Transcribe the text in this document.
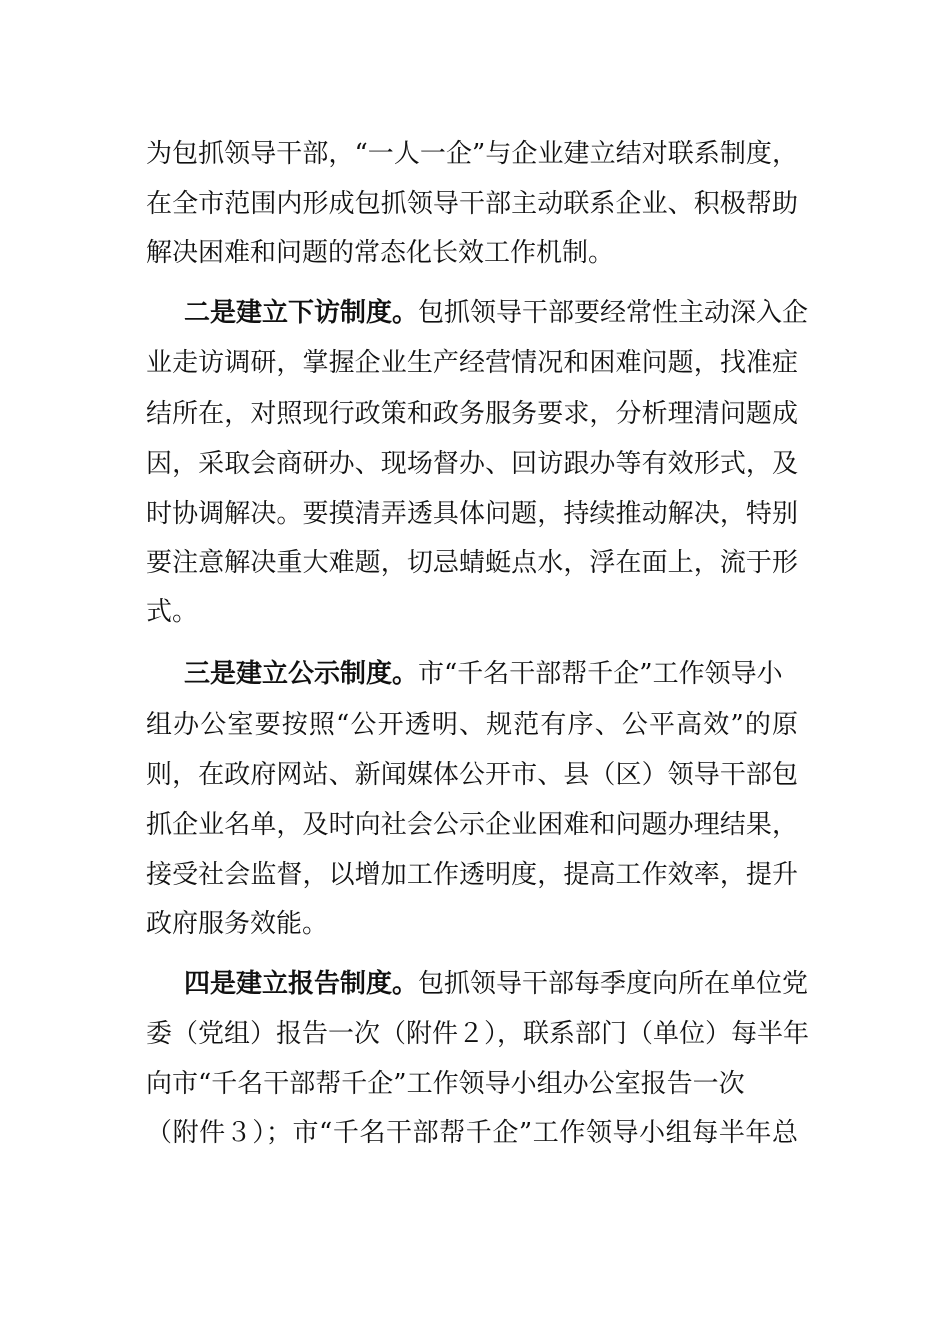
为包抓领导干部，“一人一企”与企业建立结对联系制度，
在全市范围内形成包抓领导干部主动联系企业、积极帮助
解决困难和问题的常态化长效工作机制。
二是建立下访制度。包抓领导干部要经常性主动深入企
业走访调研，掌握企业生产经营情况和困难问题，找准症
结所在，对照现行政策和政务服务要求，分析理清问题成
因，采取会商研办、现场督办、回访跟办等有效形式，及
时协调解决。要摸清弄透具体问题，持续推动解决，特别
要注意解决重大难题，切忌蜻蜓点水，浮在面上，流于形
式。
三是建立公示制度。市“千名干部帮千企”工作领导小
组办公室要按照“公开透明、规范有序、公平高效”的原
则，在政府网站、新闻媒体公开市、县（区）领导干部包
抓企业名单，及时向社会公示企业困难和问题办理结果，
接受社会监督，以增加工作透明度，提高工作效率，提升
政府服务效能。
四是建立报告制度。包抓领导干部每季度向所在单位党
委（党组）报告一次（附件２），联系部门（单位）每半年
向市“千名干部帮千企”工作领导小组办公室报告一次
（附件３）；市“千名干部帮千企”工作领导小组每半年总
